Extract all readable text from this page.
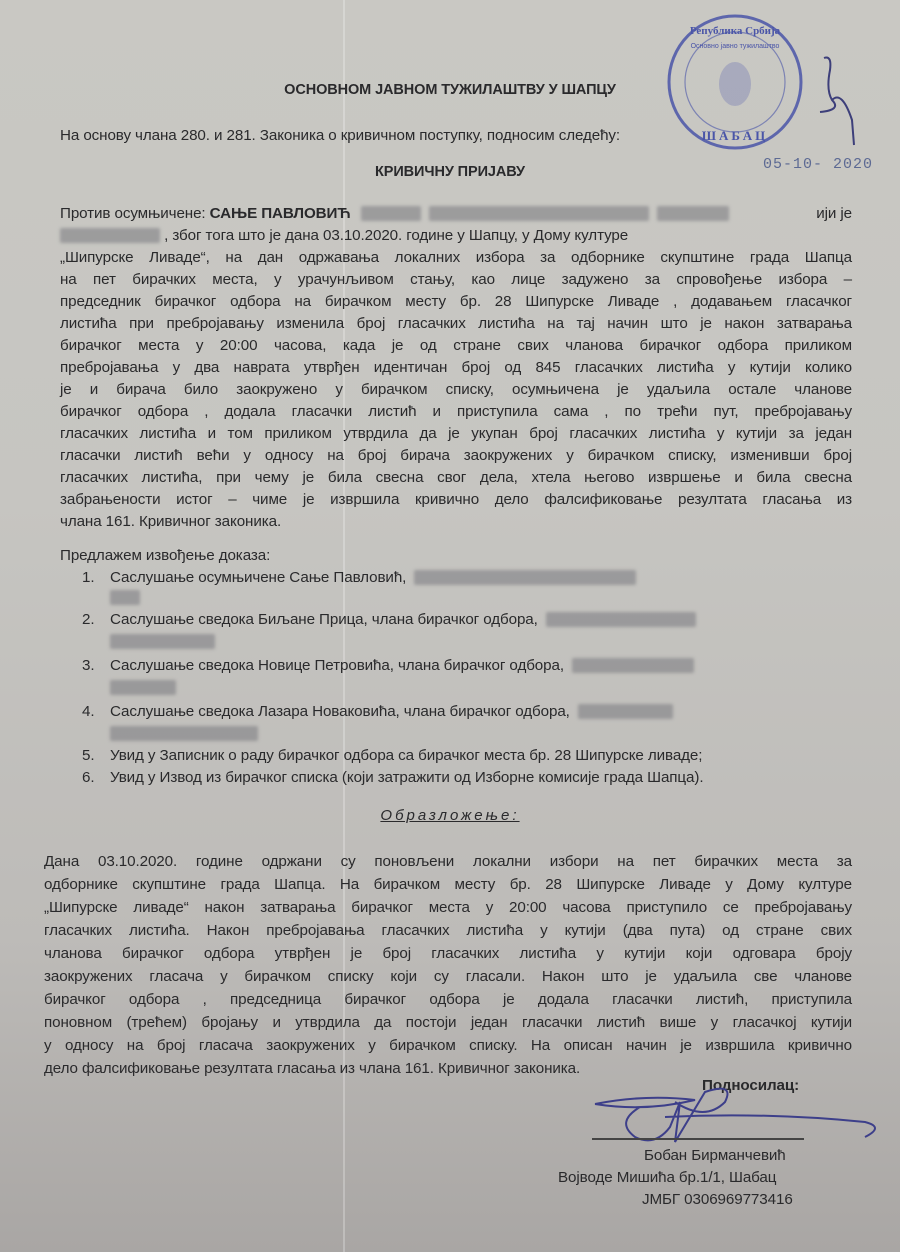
Република Србија
Основно јавно тужилаштво
ШАБАЦ
05-10- 2020
ОСНОВНОМ ЈАВНОМ ТУЖИЛАШТВУ У ШАПЦУ
На основу члана 280. и 281. Законика о кривичном поступку, подносим следећу:
КРИВИЧНУ ПРИЈАВУ
Против осумњичене: САЊЕ ПАВЛОВИЋ	ији је
, због тога што је дана 03.10.2020. године у Шапцу, у Дому културе
„Шипурске Ливаде“, на дан одржавања локалних избора за одборнике скупштине града Шапца
на пет бирачких места, у урачунљивом стању, као лице задужено за спровођење избора –
председник бирачког одбора на бирачком месту бр. 28 Шипурске Ливаде , додавањем гласачког
листића при пребројавању изменила број гласачких листића на тај начин што је након затварања
бирачког места у 20:00 часова, када је од стране свих чланова бирачког одбора приликом
пребројавања у два наврата утврђен идентичан број од 845 гласачких листића у кутији колико
је и бирача било заокружено у бирачком списку, осумњичена је удаљила остале чланове
бирачког одбора , додала гласачки листић и приступила сама , по трећи пут, пребројавању
гласачких листића и том приликом утврдила да је укупан број гласачких листића у кутији за један
гласачки листић већи у односу на број бирача заокружених у бирачком списку, изменивши број
гласачких листића, при чему је била свесна свог дела, хтела његово извршење и била свесна
забрањености истог – чиме је извршила кривично дело фалсификовање резултата гласања из
члана 161. Кривичног законика.
Предлажем извођење доказа:
1. Саслушање осумњичене Сање Павловић,
2. Саслушање сведока Биљане Прица, члана бирачког одбора,
3. Саслушање сведока Новице Петровића, члана бирачког одбора,
4. Саслушање сведока Лазара Новаковића, члана бирачког одбора,
5. Увид у Записник о раду бирачког одбора са бирачког места бр. 28 Шипурске ливаде;
6. Увид у Извод из бирачког списка (који затражити од Изборне комисије града Шапца).
Образложење:
Дана 03.10.2020. године одржани су поновљени локални избори на пет бирачких места за
одборнике скупштине града Шапца. На бирачком месту бр. 28 Шипурске Ливаде у Дому културе
„Шипурске ливаде“ након затварања бирачког места у 20:00 часова приступило се пребројавању
гласачких листића. Након пребројавања гласачких листића у кутији (два пута) од стране свих
чланова бирачког одбора утврђен је број гласачких листића у кутији који одговара броју
заокружених гласача у бирачком списку који су гласали. Након што је удаљила све чланове
бирачког одбора , председница бирачког одбора је додала гласачки листић, приступила
поновном (трећем) бројању и утврдила да постоји један гласачки листић више у гласачкој кутији
у односу на број гласача заокружених у бирачком списку. На описан начин је извршила кривично
дело фалсификовање резултата гласања из члана 161. Кривичног законика.
Подносилац:
Бобан Бирманчевић
Војводе Мишића бр.1/1, Шабац
ЈМБГ 0306969773416
